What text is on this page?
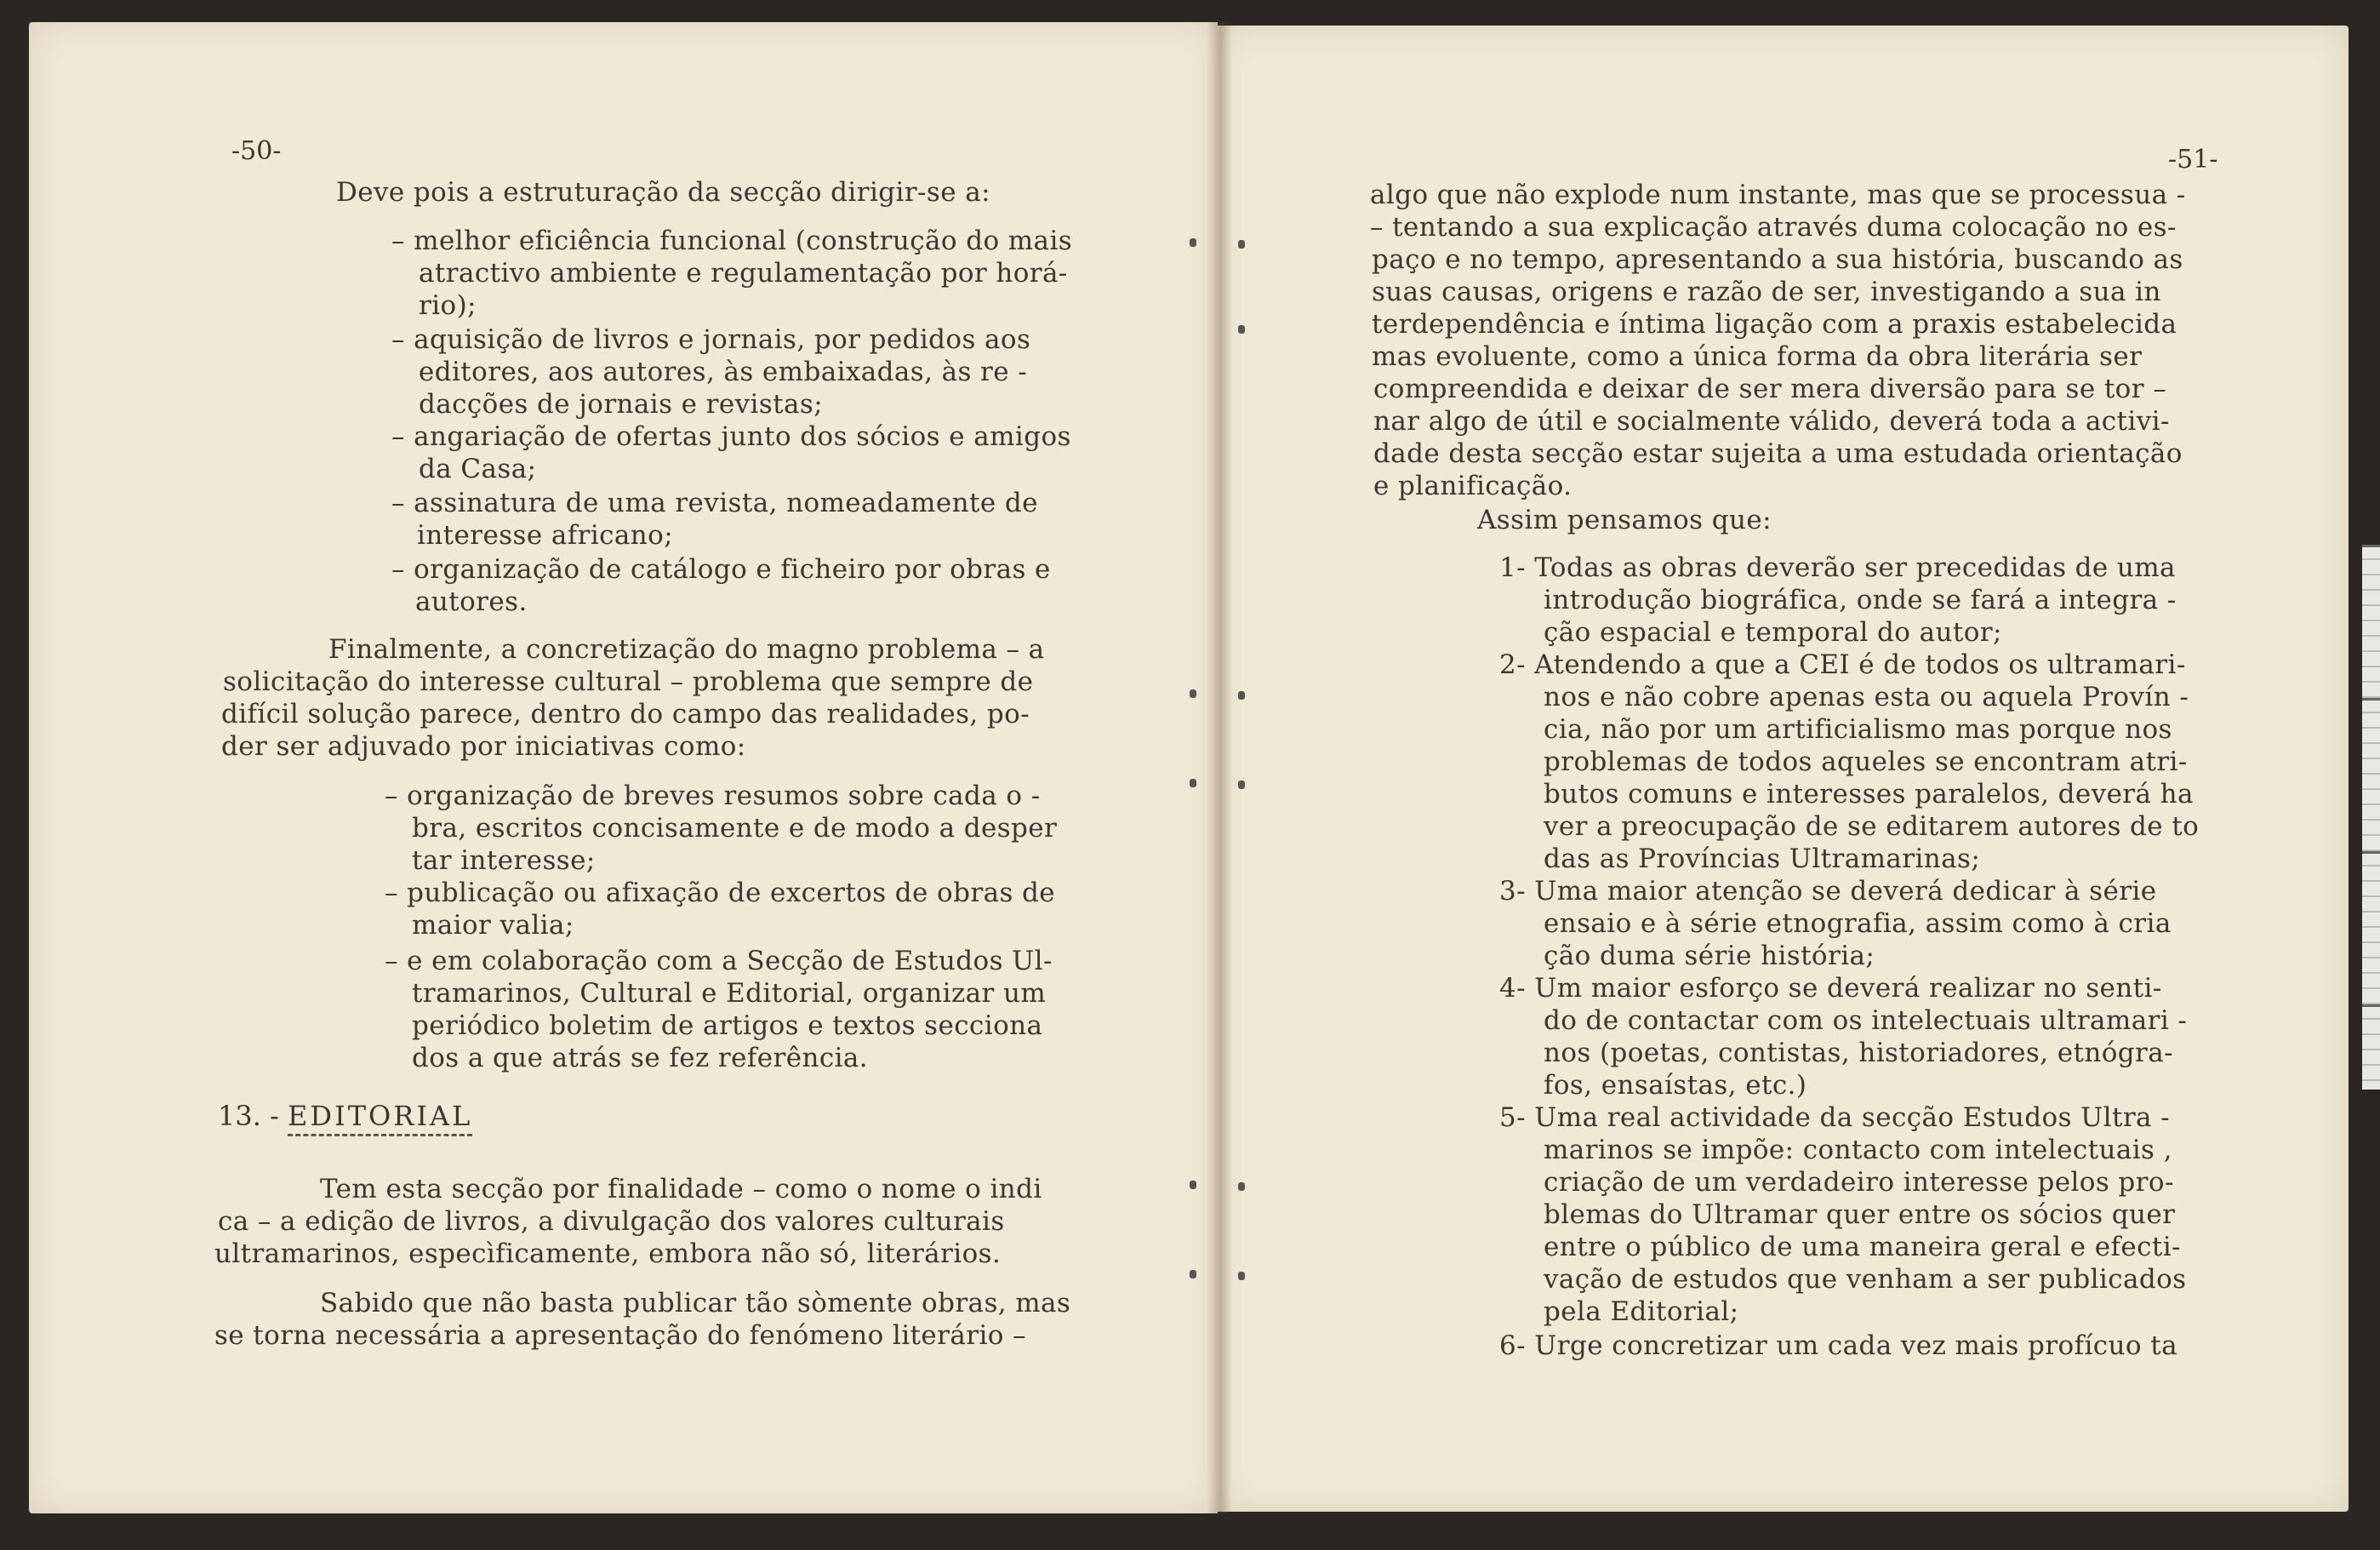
-50-
Deve pois a estruturação da secção dirigir-se a:
– melhor eficiência funcional (construção do mais
atractivo ambiente e regulamentação por horá-
rio);
– aquisição de livros e jornais, por pedidos aos
editores, aos autores, às embaixadas, às re -
dacções de jornais e revistas;
– angariação de ofertas junto dos sócios e amigos
da Casa;
– assinatura de uma revista, nomeadamente de
interesse africano;
– organização de catálogo e ficheiro por obras e
autores.
Finalmente, a concretização do magno problema – a
solicitação do interesse cultural – problema que sempre de
difícil solução parece, dentro do campo das realidades, po-
der ser adjuvado por iniciativas como:
– organização de breves resumos sobre cada o -
bra, escritos concisamente e de modo a desper
tar interesse;
– publicação ou afixação de excertos de obras de
maior valia;
– e em colaboração com a Secção de Estudos Ul-
tramarinos, Cultural e Editorial, organizar um
periódico boletim de artigos e textos secciona
dos a que atrás se fez referência.
13. - EDITORIAL
Tem esta secção por finalidade – como o nome o indi
ca – a edição de livros, a divulgação dos valores culturais
ultramarinos, especìficamente, embora não só, literários.
Sabido que não basta publicar tão sòmente obras, mas
se torna necessária a apresentação do fenómeno literário –
-51-
algo que não explode num instante, mas que se processua -
– tentando a sua explicação através duma colocação no es-
paço e no tempo, apresentando a sua história, buscando as
suas causas, origens e razão de ser, investigando a sua in
terdependência e íntima ligação com a praxis estabelecida
mas evoluente, como a única forma da obra literária ser
compreendida e deixar de ser mera diversão para se tor –
nar algo de útil e socialmente válido, deverá toda a activi-
dade desta secção estar sujeita a uma estudada orientação
e planificação.
Assim pensamos que:
1- Todas as obras deverão ser precedidas de uma
introdução biográfica, onde se fará a integra -
ção espacial e temporal do autor;
2- Atendendo a que a CEI é de todos os ultramari-
nos e não cobre apenas esta ou aquela Provín -
cia, não por um artificialismo mas porque nos
problemas de todos aqueles se encontram atri-
butos comuns e interesses paralelos, deverá ha
ver a preocupação de se editarem autores de to
das as Províncias Ultramarinas;
3- Uma maior atenção se deverá dedicar à série
ensaio e à série etnografia, assim como à cria
ção duma série história;
4- Um maior esforço se deverá realizar no senti-
do de contactar com os intelectuais ultramari -
nos (poetas, contistas, historiadores, etnógra-
fos, ensaístas, etc.)
5- Uma real actividade da secção Estudos Ultra -
marinos se impõe: contacto com intelectuais ,
criação de um verdadeiro interesse pelos pro-
blemas do Ultramar quer entre os sócios quer
entre o público de uma maneira geral e efecti-
vação de estudos que venham a ser publicados
pela Editorial;
6- Urge concretizar um cada vez mais profícuo ta
